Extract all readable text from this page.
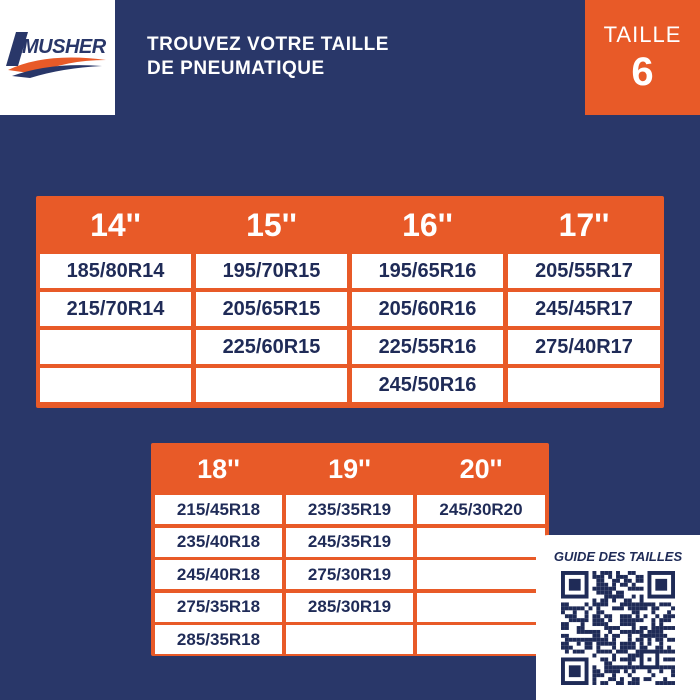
MUSHER TROUVEZ VOTRE TAILLE
DE PNEUMATIQUE
TAILLE
6
14''
185/80R14
215/70R14
15''
195/70R15
205/65R15
225/60R15
16''
195/65R16
205/60R16
225/55R16
245/50R16
17''
205/55R17
245/45R17
275/40R17
18''
215/45R18
235/40R18
245/40R18
275/35R18
285/35R18
19''
235/35R19
245/35R19
275/30R19
285/30R19
20''
245/30R20
GUIDE DES TAILLES
